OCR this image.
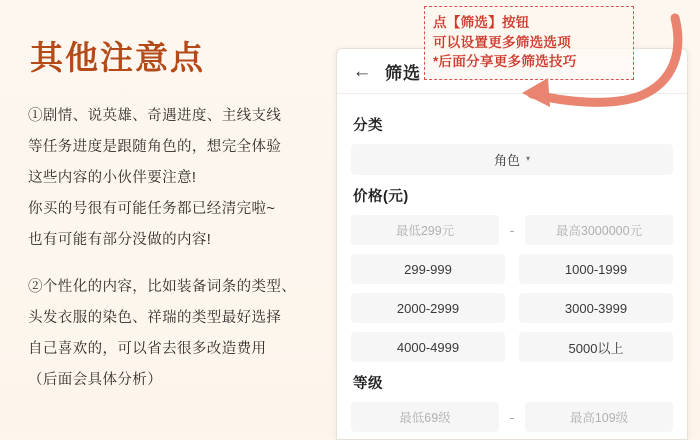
其他注意点

①剧情、说英雄、奇遇进度、主线支线

等任务进度是跟随角色的，想完全体验

这些内容的小伙伴要注意!

你买的号很有可能任务都已经清完啦~

也有可能有部分没做的内容!

②个性化的内容，比如装备词条的类型、

头发衣服的染色、祥瑞的类型最好选择

自己喜欢的，可以省去很多改造费用

（后面会具体分析）

← 筛选
分类
角色 ▾
价格(元)
最低299元	-	最高3000000元
299-999	1000-1999
2000-2999	3000-3999
4000-4999	5000以上
等级
最低69级	-	最高109级
点【筛选】按钮
可以设置更多筛选选项
*后面分享更多筛选技巧
